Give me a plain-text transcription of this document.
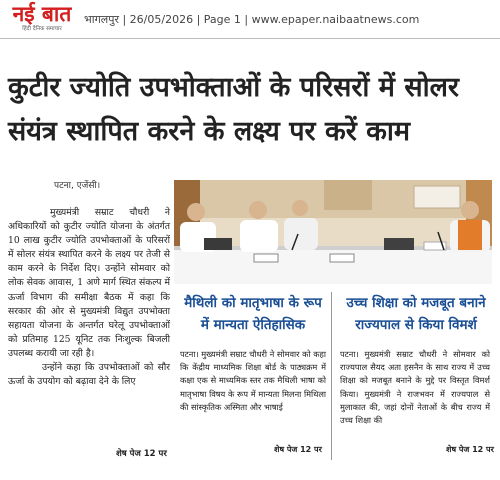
नई बात
हिंदी दैनिक समाचार
भागलपुर | 26/05/2026 | Page 1 | www.epaper.naibaatnews.com
कुटीर ज्योति उपभोक्ताओं के परिसरों में सोलर
संयंत्र स्थापित करने के लक्ष्य पर करें काम
पटना, एजेंसी।

मुख्यमंत्री सम्राट चौधरी ने अधिकारियों को कुटीर ज्योति योजना के अंतर्गत 10 लाख कुटीर ज्योति उपभोक्ताओं के परिसरों में सोलर संयंत्र स्थापित करने के लक्ष्य पर तेजी से काम करने के निर्देश दिए। उन्होंने सोमवार को लोक सेवक आवास, 1 अणे मार्ग स्थित संकल्प में ऊर्जा विभाग की समीक्षा बैठक में कहा कि सरकार की ओर से मुख्यमंत्री विद्युत उपभोक्ता सहायता योजना के अन्तर्गत घरेलू उपभोक्ताओं को प्रतिमाह 125 यूनिट तक निःशुल्क बिजली उपलब्ध करायी जा रही है।

उन्होंने कहा कि उपभोक्ताओं को सौर ऊर्जा के उपयोग को बढ़ावा देने के लिए

शेष पेज 12 पर
मैथिली को मातृभाषा के रूप में मान्यता ऐतिहासिक
पटना। मुख्यमंत्री सम्राट चौधरी ने सोमवार को कहा कि केंद्रीय माध्यमिक शिक्षा बोर्ड के पाठ्यक्रम में कक्षा एक से माध्यमिक स्तर तक मैथिली भाषा को मातृभाषा विषय के रूप में मान्यता मिलना मिथिला की सांस्कृतिक अस्मिता और भाषाई
शेष पेज 12 पर
उच्च शिक्षा को मजबूत बनाने राज्यपाल से किया विमर्श
पटना। मुख्यमंत्री सम्राट चौधरी ने सोमवार को राज्यपाल सैयद अता हसनैन के साथ राज्य में उच्च शिक्षा को मजबूत बनाने के मुद्दे पर विस्तृत विमर्श किया। मुख्यमंत्री ने राजभवन में राज्यपाल से मुलाकात की, जहां दोनों नेताओं के बीच राज्य में उच्च शिक्षा की
शेष पेज 12 पर
